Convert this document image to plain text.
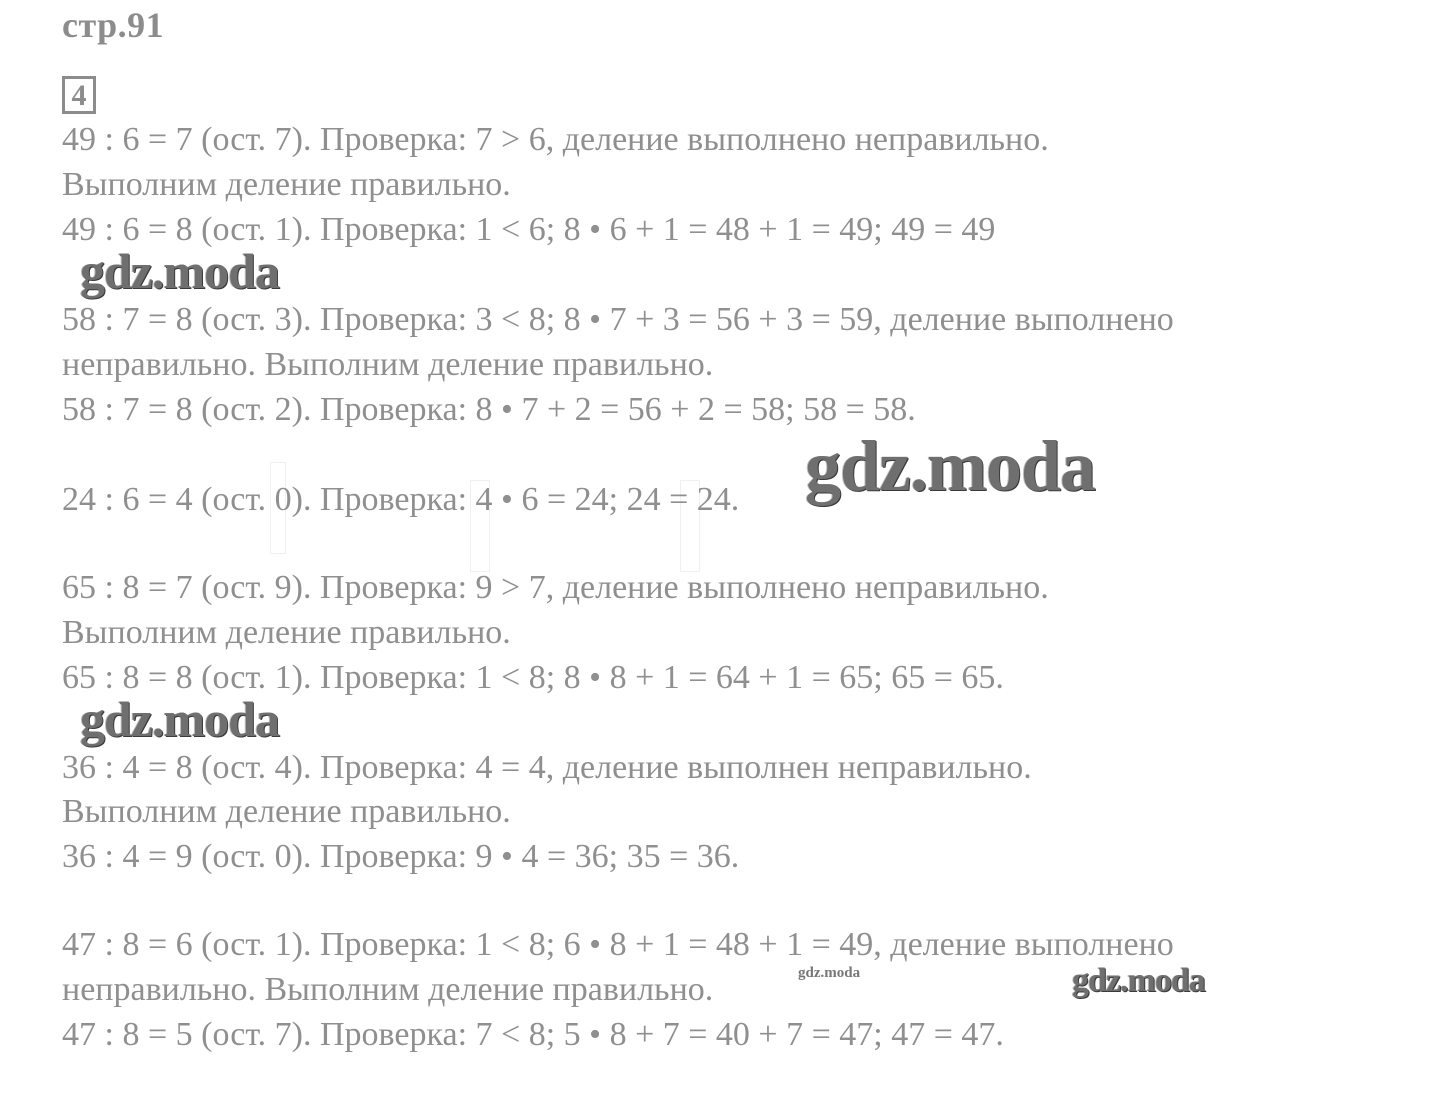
стр.91
4
49 : 6 = 7 (ост. 7). Проверка: 7 > 6, деление выполнено неправильно.
Выполним деление правильно.
49 : 6 = 8 (ост. 1). Проверка: 1 < 6; 8 • 6 + 1 = 48 + 1 = 49; 49 = 49
gdz.moda
58 : 7 = 8 (ост. 3). Проверка: 3 < 8; 8 • 7 + 3 = 56 + 3 = 59, деление выполнено
неправильно. Выполним деление правильно.
58 : 7 = 8 (ост. 2). Проверка: 8 • 7 + 2 = 56 + 2 = 58; 58 = 58.
24 : 6 = 4 (ост. 0). Проверка: 4 • 6 = 24; 24 = 24. gdz.moda
65 : 8 = 7 (ост. 9). Проверка: 9 > 7, деление выполнено неправильно.
Выполним деление правильно.
65 : 8 = 8 (ост. 1). Проверка: 1 < 8; 8 • 8 + 1 = 64 + 1 = 65; 65 = 65.
gdz.moda
36 : 4 = 8 (ост. 4). Проверка: 4 = 4, деление выполнен неправильно.
Выполним деление правильно.
36 : 4 = 9 (ост. 0). Проверка: 9 • 4 = 36; 35 = 36.
47 : 8 = 6 (ост. 1). Проверка: 1 < 8; 6 • 8 + 1 = 48 + 1 = 49, деление выполнено
неправильно. Выполним деление правильно.	gdz.moda	gdz.moda
47 : 8 = 5 (ост. 7). Проверка: 7 < 8; 5 • 8 + 7 = 40 + 7 = 47; 47 = 47.
